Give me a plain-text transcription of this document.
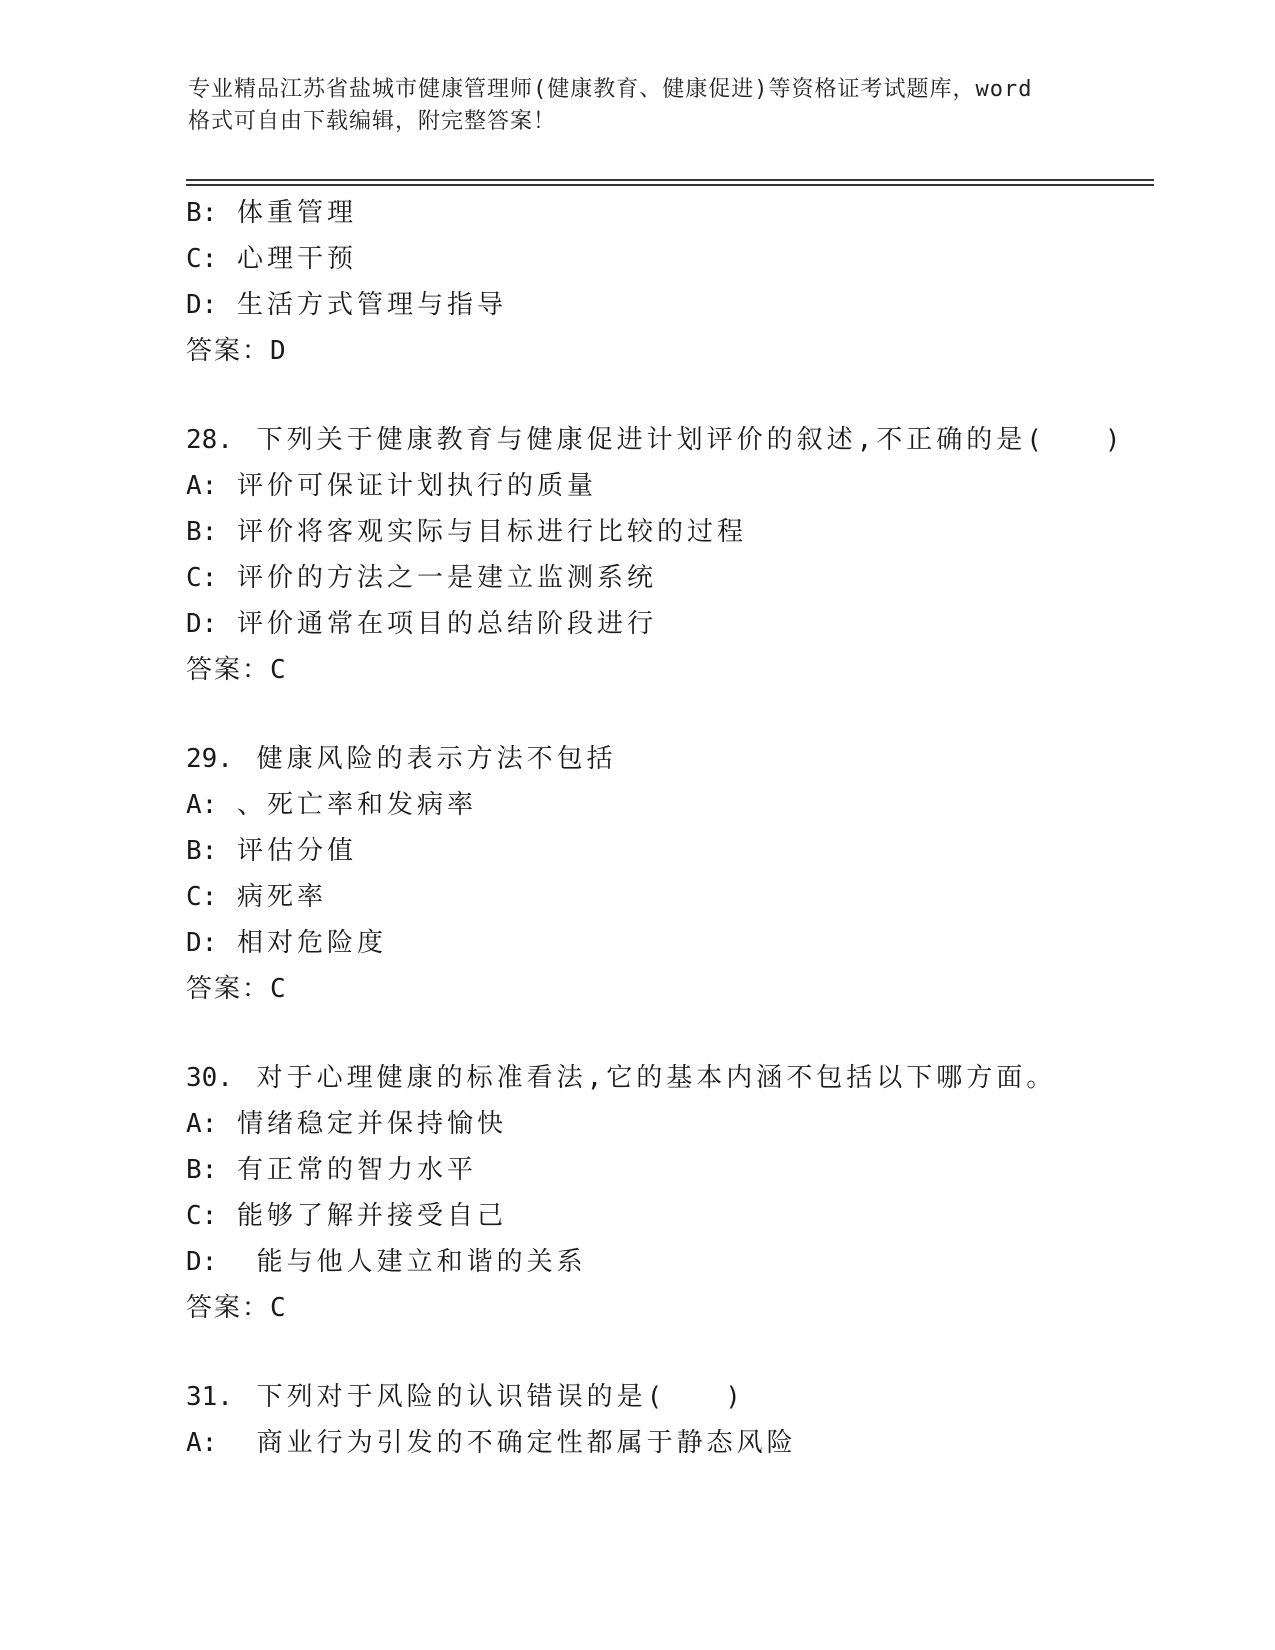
专业精品江苏省盐城市健康管理师(健康教育、健康促进)等资格证考试题库，word
格式可自由下载编辑，附完整答案！
B: 体重管理
C: 心理干预
D: 生活方式管理与指导
答案：D
28. 下列关于健康教育与健康促进计划评价的叙述,不正确的是(   )
A: 评价可保证计划执行的质量
B: 评价将客观实际与目标进行比较的过程
C: 评价的方法之一是建立监测系统
D: 评价通常在项目的总结阶段进行
答案：C
29. 健康风险的表示方法不包括
A: 、死亡率和发病率
B: 评估分值
C: 病死率
D: 相对危险度
答案：C
30. 对于心理健康的标准看法,它的基本内涵不包括以下哪方面。
A: 情绪稳定并保持愉快
B: 有正常的智力水平
C: 能够了解并接受自己
D:  能与他人建立和谐的关系
答案：C
31. 下列对于风险的认识错误的是(   )
A:  商业行为引发的不确定性都属于静态风险
